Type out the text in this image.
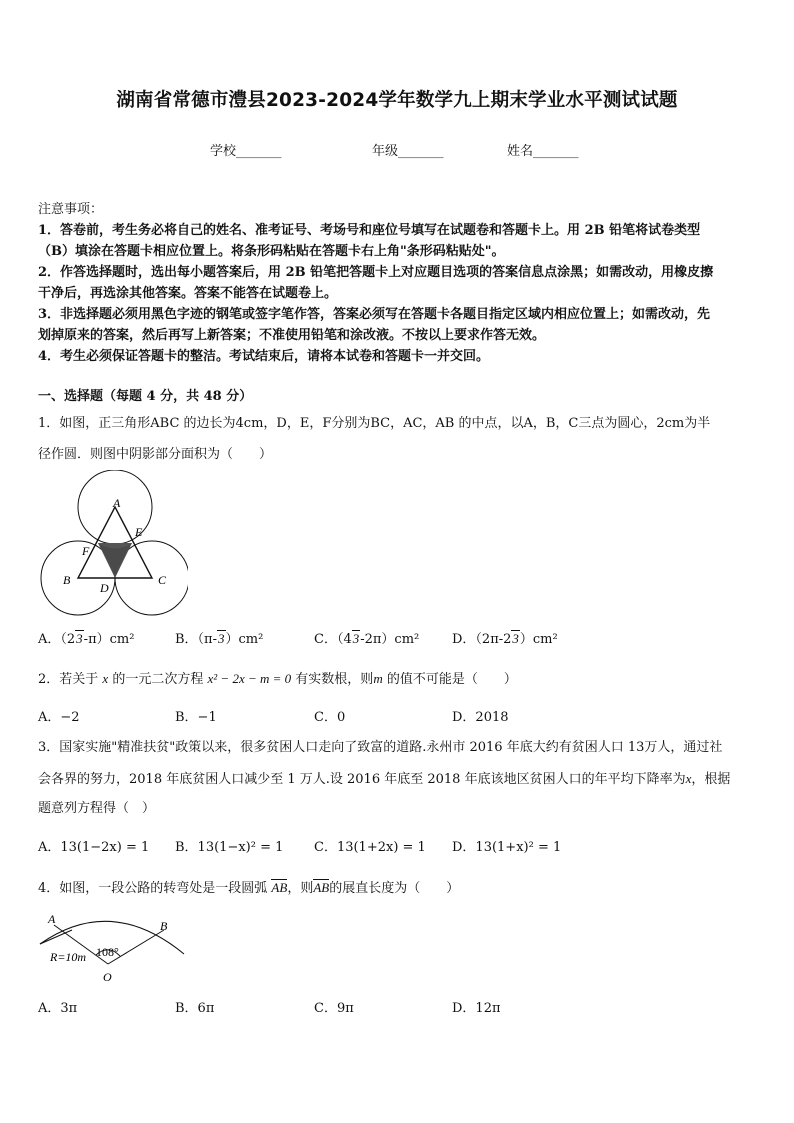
湖南省常德市澧县2023-2024学年数学九上期末学业水平测试试题
学校_______	年级_______	姓名_______
注意事项：
1．答卷前，考生务必将自己的姓名、准考证号、考场号和座位号填写在试题卷和答题卡上。用 2B 铅笔将试卷类型
（B）填涂在答题卡相应位置上。将条形码粘贴在答题卡右上角"条形码粘贴处"。
2．作答选择题时，选出每小题答案后，用 2B 铅笔把答题卡上对应题目选项的答案信息点涂黑；如需改动，用橡皮擦
干净后，再选涂其他答案。答案不能答在试题卷上。
3．非选择题必须用黑色字迹的钢笔或签字笔作答，答案必须写在答题卡各题目指定区域内相应位置上；如需改动，先
划掉原来的答案，然后再写上新答案；不准使用铅笔和涂改液。不按以上要求作答无效。
4．考生必须保证答题卡的整洁。考试结束后，请将本试卷和答题卡一并交回。
一、选择题（每题 4 分，共 48 分）
1．如图，正三角形ABC 的边长为4cm，D，E，F分别为BC，AC，AB 的中点，以A，B，C三点为圆心，2cm为半
径作圆．则图中阴影部分面积为（　　）
A
E
F
B	C
D
A．（23-π）cm²	B．（π-3）cm²	C．（43-2π）cm²	D．（2π-23）cm²
2．若关于 x 的一元二次方程 x² − 2x − m = 0 有实数根，则m 的值不可能是（　　）
A．−2	B．−1	C．0	D．2018
3．国家实施"精准扶贫"政策以来，很多贫困人口走向了致富的道路.永州市 2016 年底大约有贫困人口 13万人，通过社
会各界的努力，2018 年底贫困人口减少至 1 万人.设 2016 年底至 2018 年底该地区贫困人口的年平均下降率为x，根据
题意列方程得（　）
A．13(1−2x) = 1 B．13(1−x)² = 1 C．13(1+2x) = 1 D．13(1+x)² = 1
4．如图，一段公路的转弯处是一段圆弧 AB，则AB的展直长度为（　　）
A	B
108°
R=10m
O
A．3π	B．6π	C．9π	D．12π
